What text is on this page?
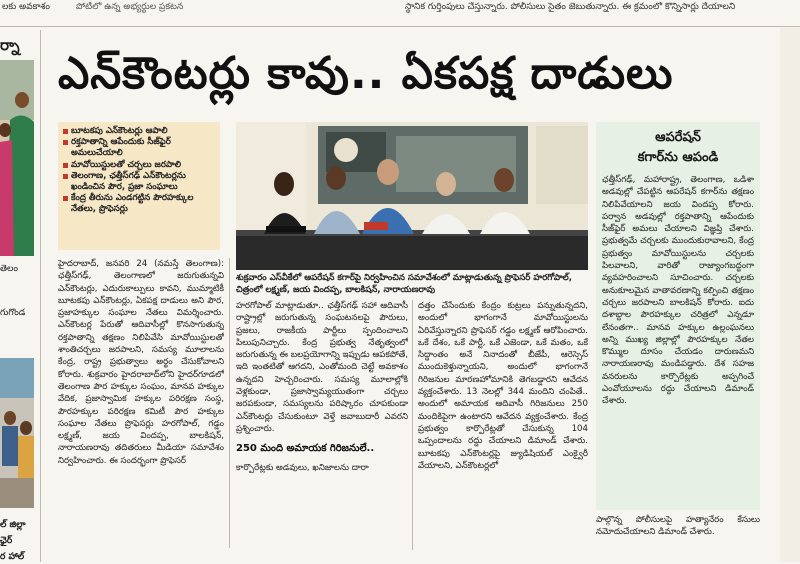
లకు అవకాశం	పోటీలో ఉన్న అభ్యర్థుల ప్రకటన	స్థానిక గుర్తింపులు చేస్తున్నారు. పోలీసులు సైతం జెబుతున్నారు. ఈ క్రమంలో కొన్నిసార్లు దేయాలని
ర్నా
తెలం
గుగొండ
ల్ జిల్లా
ఛైర్
ర హాల్
ఎన్‌కౌంటర్లు కావు.. ఏకపక్ష దాడులు
బూటకపు ఎన్‌కౌంటర్లు ఆపాలి
రక్తపాతాన్ని ఆపేందుకు సీజ్‌ఫైర్‌ అమలుచేయాలి
మావోయిస్టులతో చర్చలు జరపాలి
తెలంగాణ, ఛత్తీస్‌గఢ్‌ ఎన్‌కౌంటర్లను ఖండించిన పౌర, ప్రజా సంఘాలు
కేంద్ర తీరును ఎండగట్టిన పౌరహక్కుల నేతలు, ప్రొఫెసర్లు
శుక్రవారం ఎస్‌వీకేలో ఆపరేషన్‌ కగార్‌పై నిర్వహించిన సమావేశంలో మాట్లాడుతున్న ప్రొఫెసర్‌ హరగోపాల్‌, చిత్రంలో లక్ష్మణ్‌, జయ విందప్ప, బాలకిషన్‌, నారాయణరావు

హైదరాబాద్‌, జనవరి 24 (నమస్తే తెలంగాణ): ఛత్తీస్‌గఢ్‌, తెలంగాణలో జరుగుతున్నవి ఎన్‌కౌంటర్లు, ఎదురుకాల్పులు కావని, ముమ్మాటికీ బూటకపు ఎన్‌కౌంటర్లు, ఏకపక్ష దాడులు అని పౌర, ప్రజాహక్కుల సంఘాల నేతలు విమర్శించారు. ఎన్‌కౌంటర్ల పేరుతో ఆదివాసీల్లో కొనసాగుతున్న రక్తపాతాన్ని తక్షణం నిలిపివేసి మావోయిస్టులతో శాంతిచర్చలు జరపాలని, సమస్య మూలాలను కేంద్ర, రాష్ట్ర ప్రభుత్వాలు అర్థం చేసుకోవాలని కోరారు. శుక్రవారం హైదరాబాద్‌లోని హైదర్‌గూడలో తెలంగాణ పౌర హక్కుల సంఘం, మానవ హక్కుల వేదిక, ప్రజాస్వామిక హక్కుల పరిరక్షణ సంస్థ, పౌరహక్కుల పరిరక్షణ కమిటీ పౌర హక్కుల సంఘాల నేతలు ప్రొఫెసర్లు హరగోపాల్‌, గడ్డం లక్ష్మణ్‌, జయ విందప్ప, బాలకిషన్‌, నారాయణరావు తదితరులు మీడియా సమావేశం నిర్వహించారు. ఈ సందర్భంగా ప్రొఫెసర్‌

హరగోపాల్‌ మాట్లాడుతూ.. ఛత్తీస్‌గఢ్‌ సహా ఆదివాసీ రాష్ట్రాల్లో జరుగుతున్న సంఘటనలపై పౌరులు, ప్రజలు, రాజకీయ పార్టీలు స్పందించాలని పిలుపునిచ్చారు. కేంద్ర ప్రభుత్వ నేతృత్వంలో జరుగుతున్న ఈ బలప్రయోగాన్ని ఇప్పుడు ఆపకపోతే, ఇది ఇంతటితో ఆగదని, ఎంతోమంది చెట్టే అవకాశం ఉన్నదని హెచ్చరించారు. సమస్య మూలాల్లోకి వెళ్లకుండా, ప్రజాస్వామ్యయుతంగా చర్చలు జరపకుండా, సమస్యలను పరిష్కారం చూపకుండా ఎన్‌కౌంటర్లు చేసుకుంటూ వెళ్తే జవాబుదారీ ఎవరని ప్రశ్నించారు.

250 మంది అమాయక గిరిజనులే..

కార్పొరేట్లకు అడవులు, ఖనిజాలను దారా

దత్తం చేసేందుకు కేంద్రం కుట్రలు పన్నుతున్నదని, అందులో భాగంగానే మావోయిస్టులను ఏరివేస్తున్నారని ప్రొఫెసర్‌ గడ్డం లక్ష్మణ్‌ ఆరోపించారు. ఒకే దేశం, ఒకే పార్టీ, ఒకే ఎజెండా, ఒకే మతం, ఒకే సిద్ధాంతం అనే నినాదంతో బీజేపీ, ఆరెస్సెస్‌ ముందుకెళ్తున్నాయని, అందులో భాగంగానే గిరిజనుల మారణహోమానికి తెగబడ్డారని ఆవేదన వ్యక్తంచేశారు. 13 నెలల్లో 344 మందిని చంపితే.. అందులో అమాయక ఆదివాసీ గిరిజనులు 250 మందికిపైగా ఉంటారని ఆవేదన వ్యక్తంచేశారు. కేంద్ర ప్రభుత్వం కార్పొరేట్లతో చేసుకున్న 104 ఒప్పందాలను రద్దు చేయాలని డిమాండ్‌ చేశారు. బూటకపు ఎన్‌కౌంటర్లపై జ్యుడిషియల్‌ ఎంక్వైరీ వేయాలని, ఎన్‌కౌంటర్లలో

ఆపరేషన్‌
కగార్‌ను ఆపండి
ఛత్తీస్‌గఢ్‌, మహారాష్ట్ర, తెలంగాణ, ఒడిశా అడవుల్లో చేపట్టిన ఆపరేషన్‌ కగార్‌ను తక్షణం నిలిపివేయాలని జయ విందప్ప కోరారు. పర్వాన అడవుల్లో రక్తపాతాన్ని ఆపేందుకు సీజ్‌ఫైర్‌ అమలు చేయాలని విజ్ఞప్తి చేశారు. ప్రభుత్వమే చర్చలకు ముందుకురావాలని, కేంద్ర ప్రభుత్వం మావోయిస్టులను చర్చలకు పిలవాలని, వారితో రాజ్యాంగబద్ధంగా వ్యవహరించాలని సూచించారు. చర్చలకు అనుకూలమైన వాతావరణాన్ని కల్పించి తక్షణం చర్చలు జరపాలని బాలకిషన్‌ కోరారు. ఐదు దశాబ్దాల పౌరహక్కుల చరిత్రలో ఎన్నడూ లేనంతగా.. మానవ హక్కుల ఉల్లంఘనలు అన్ని ముఖ్య జిల్లాల్లో పౌరహక్కుల నేతల కొమ్ముల దూసం చేయడం దారుణమని నారాయణరావు మండిపడ్డారు. దేశ సహజ వనరులను కార్పొరేట్లకు అప్పగించే ఎంవోయూలను రద్దు చేయాలని డిమాండ్‌ చేశారు.
పాల్గొన్న పోలీసులపై హత్యానేరం కేసులు నమోదుచేయాలని డిమాండ్‌ చేశారు.
